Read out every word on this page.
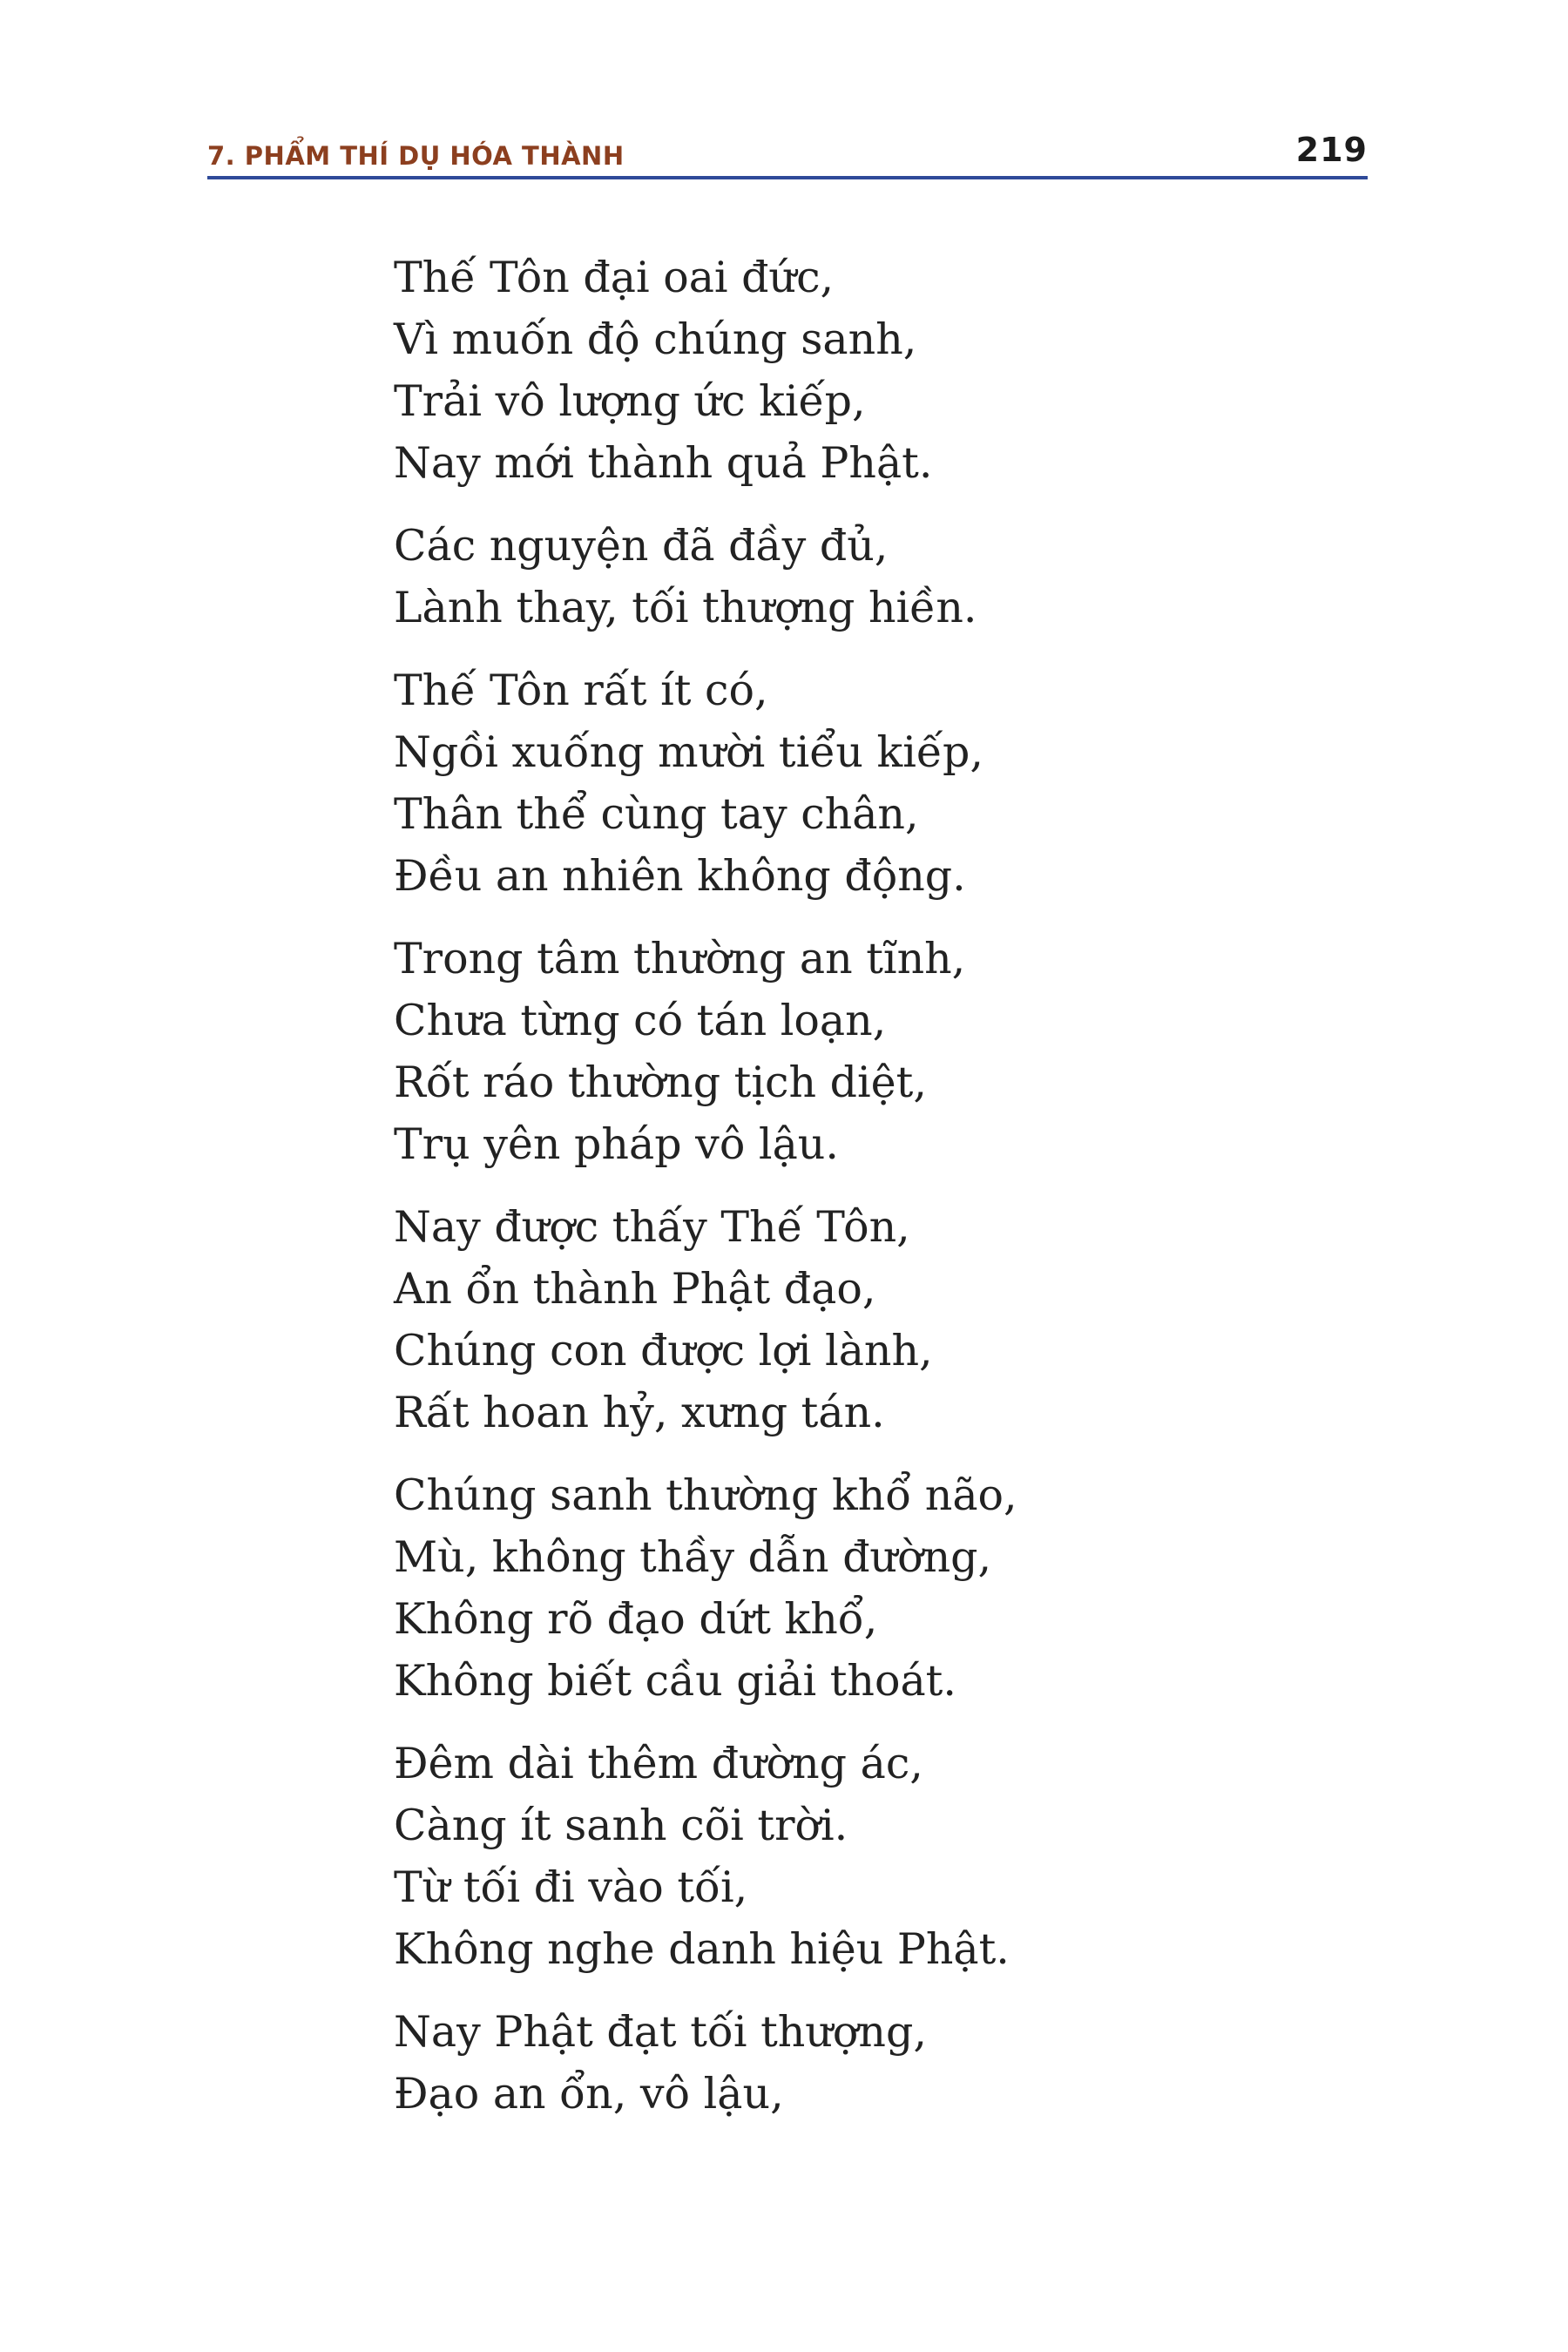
7. PHẨM THÍ DỤ HÓA THÀNH	219
Thế Tôn đại oai đức,
Vì muốn độ chúng sanh,
Trải vô lượng ức kiếp,
Nay mới thành quả Phật.
Các nguyện đã đầy đủ,
Lành thay, tối thượng hiền.
Thế Tôn rất ít có,
Ngồi xuống mười tiểu kiếp,
Thân thể cùng tay chân,
Đều an nhiên không động.
Trong tâm thường an tĩnh,
Chưa từng có tán loạn,
Rốt ráo thường tịch diệt,
Trụ yên pháp vô lậu.
Nay được thấy Thế Tôn,
An ổn thành Phật đạo,
Chúng con được lợi lành,
Rất hoan hỷ, xưng tán.
Chúng sanh thường khổ não,
Mù, không thầy dẫn đường,
Không rõ đạo dứt khổ,
Không biết cầu giải thoát.
Đêm dài thêm đường ác,
Càng ít sanh cõi trời.
Từ tối đi vào tối,
Không nghe danh hiệu Phật.
Nay Phật đạt tối thượng,
Đạo an ổn, vô lậu,
